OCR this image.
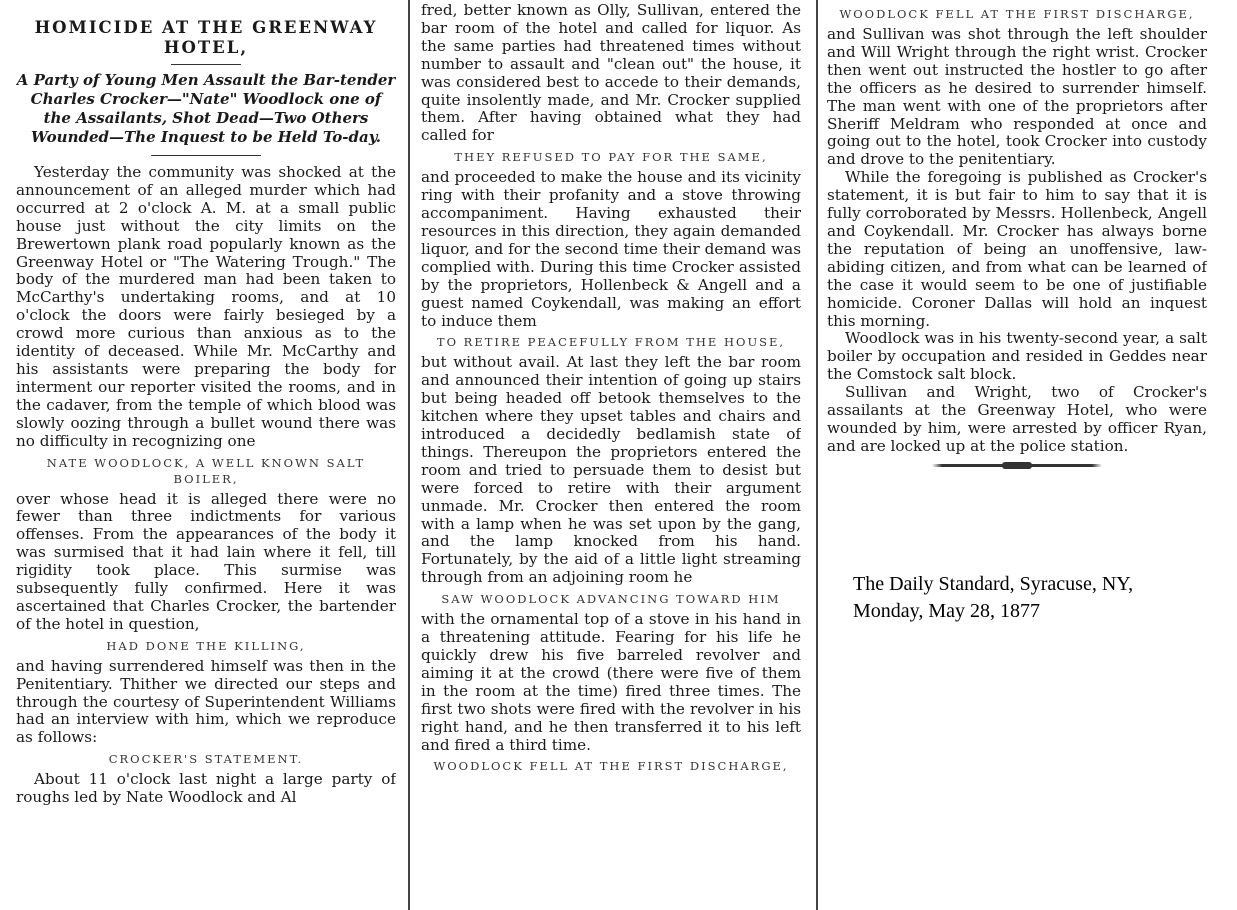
HOMICIDE AT THE GREENWAY HOTEL,
A Party of Young Men Assault the Bar-tender Charles Crocker—"Nate" Woodlock one of the Assailants, Shot Dead—Two Others Wounded—The Inquest to be Held To-day.

Yesterday the community was shocked at the announcement of an alleged murder which had occurred at 2 o'clock A. M. at a small public house just without the city limits on the Brewertown plank road popularly known as the Greenway Hotel or "The Watering Trough." The body of the murdered man had been taken to McCarthy's undertaking rooms, and at 10 o'clock the doors were fairly besieged by a crowd more curious than anxious as to the identity of deceased. While Mr. McCarthy and his assistants were preparing the body for interment our reporter visited the rooms, and in the cadaver, from the temple of which blood was slowly oozing through a bullet wound there was no difficulty in recognizing one

NATE WOODLOCK, A WELL KNOWN SALT BOILER,

over whose head it is alleged there were no fewer than three indictments for various offenses. From the appearances of the body it was surmised that it had lain where it fell, till rigidity took place. This surmise was subsequently fully confirmed. Here it was ascertained that Charles Crocker, the bartender of the hotel in question,

HAD DONE THE KILLING,

and having surrendered himself was then in the Penitentiary. Thither we directed our steps and through the courtesy of Superintendent Williams had an interview with him, which we reproduce as follows:

CROCKER'S STATEMENT.

About 11 o'clock last night a large party of roughs led by Nate Woodlock and Al

fred, better known as Olly, Sullivan, entered the bar room of the hotel and called for liquor. As the same parties had threatened times without number to assault and "clean out" the house, it was considered best to accede to their demands, quite insolently made, and Mr. Crocker supplied them. After having obtained what they had called for

THEY REFUSED TO PAY FOR THE SAME,

and proceeded to make the house and its vicinity ring with their profanity and a stove throwing accompaniment. Having exhausted their resources in this direction, they again demanded liquor, and for the second time their demand was complied with. During this time Crocker assisted by the proprietors, Hollenbeck & Angell and a guest named Coykendall, was making an effort to induce them

TO RETIRE PEACEFULLY FROM THE HOUSE,

but without avail. At last they left the bar room and announced their intention of going up stairs but being headed off betook themselves to the kitchen where they upset tables and chairs and introduced a decidedly bedlamish state of things. Thereupon the proprietors entered the room and tried to persuade them to desist but were forced to retire with their argument unmade. Mr. Crocker then entered the room with a lamp when he was set upon by the gang, and the lamp knocked from his hand. Fortunately, by the aid of a little light streaming through from an adjoining room he

SAW WOODLOCK ADVANCING TOWARD HIM

with the ornamental top of a stove in his hand in a threatening attitude. Fearing for his life he quickly drew his five barreled revolver and aiming it at the crowd (there were five of them in the room at the time) fired three times. The first two shots were fired with the revolver in his right hand, and he then transferred it to his left and fired a third time.

WOODLOCK FELL AT THE FIRST DISCHARGE,
WOODLOCK FELL AT THE FIRST DISCHARGE,

and Sullivan was shot through the left shoulder and Will Wright through the right wrist. Crocker then went out instructed the hostler to go after the officers as he desired to surrender himself. The man went with one of the proprietors after Sheriff Meldram who responded at once and going out to the hotel, took Crocker into custody and drove to the penitentiary.

While the foregoing is published as Crocker's statement, it is but fair to him to say that it is fully corroborated by Messrs. Hollenbeck, Angell and Coykendall. Mr. Crocker has always borne the reputation of being an unoffensive, law-abiding citizen, and from what can be learned of the case it would seem to be one of justifiable homicide. Coroner Dallas will hold an inquest this morning.

Woodlock was in his twenty-second year, a salt boiler by occupation and resided in Geddes near the Comstock salt block.

Sullivan and Wright, two of Crocker's assailants at the Greenway Hotel, who were wounded by him, were arrested by officer Ryan, and are locked up at the police station.

The Daily Standard, Syracuse, NY,
Monday, May 28, 1877
